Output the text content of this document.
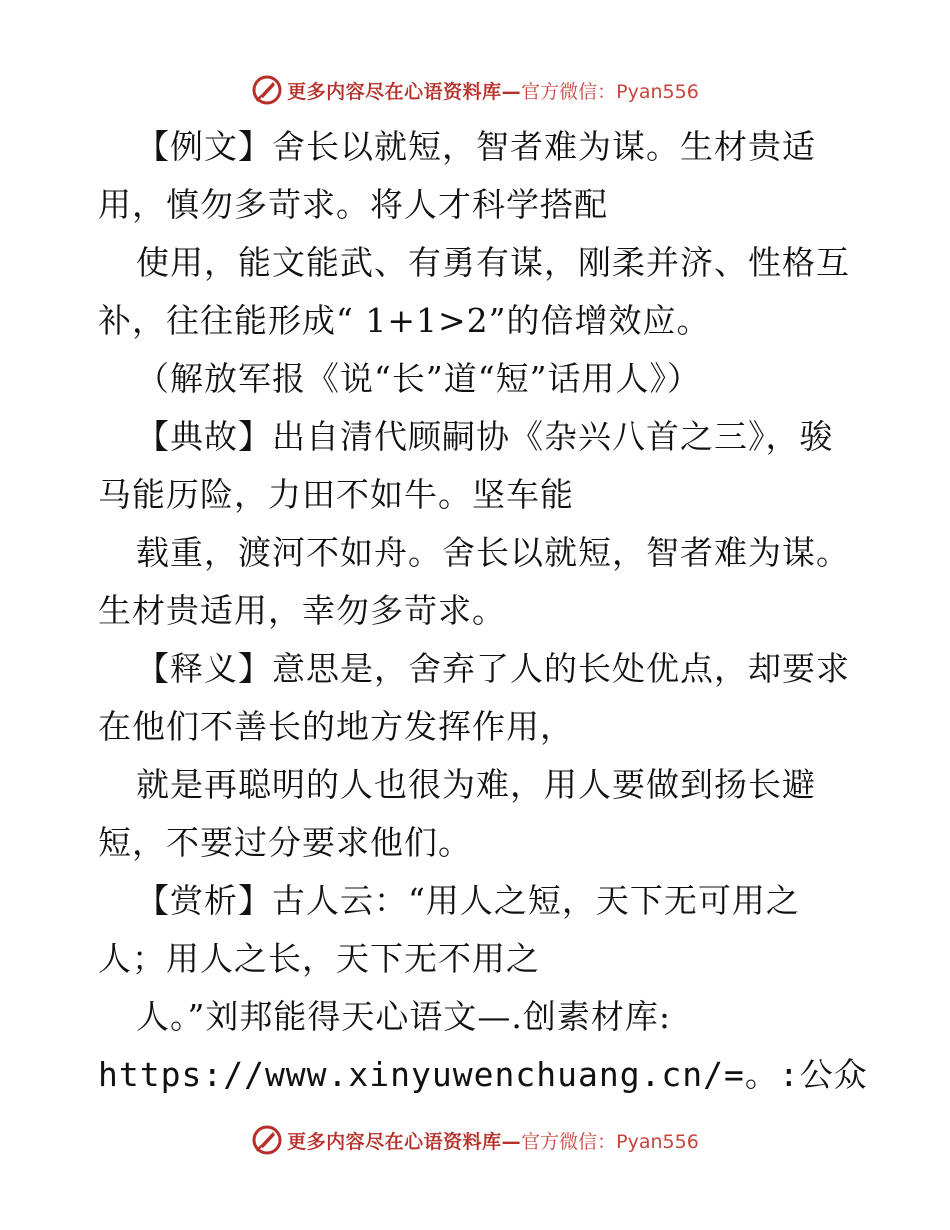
更多内容尽在心语资料库— 官方微信：Pyan556
【例文】舍长以就短，智者难为谋。生材贵适
用，慎勿多苛求。将人才科学搭配
使用，能文能武、有勇有谋，刚柔并济、性格互
补，往往能形成“ 1+1>2”的倍增效应。
（解放军报《说“长”道“短”话用人》）
【典故】出自清代顾嗣协《杂兴八首之三》，骏
马能历险，力田不如牛。坚车能
载重，渡河不如舟。舍长以就短，智者难为谋。
生材贵适用，幸勿多苛求。
【释义】意思是，舍弃了人的长处优点，却要求
在他们不善长的地方发挥作用，
就是再聪明的人也很为难，用人要做到扬长避
短，不要过分要求他们。
【赏析】古人云：“用人之短，天下无可用之
人；用人之长，天下无不用之
人。”刘邦能得天心语文—.创素材库:
https://www.xinyuwenchuang.cn/=。:公众
更多内容尽在心语资料库— 官方微信：Pyan556
